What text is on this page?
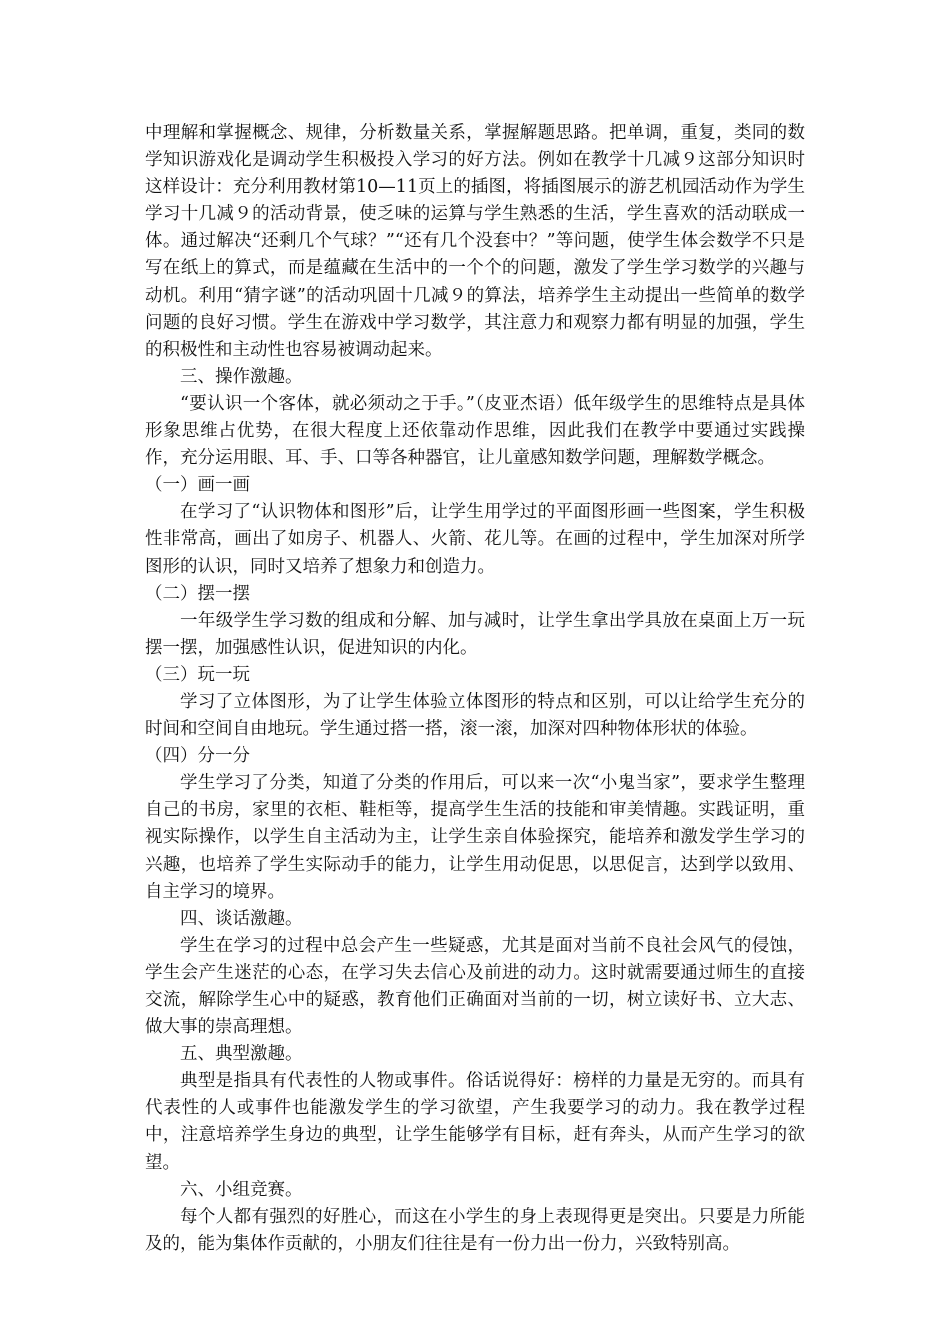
中理解和掌握概念、规律，分析数量关系，掌握解题思路。把单调，重复，类同的数学知识游戏化是调动学生积极投入学习的好方法。例如在教学十几减９这部分知识时这样设计：充分利用教材第10—11页上的插图，将插图展示的游艺机园活动作为学生学习十几减９的活动背景，使乏味的运算与学生熟悉的生活，学生喜欢的活动联成一体。通过解决“还剩几个气球？”“还有几个没套中？”等问题，使学生体会数学不只是写在纸上的算式，而是蕴藏在生活中的一个个的问题，激发了学生学习数学的兴趣与动机。利用“猜字谜”的活动巩固十几减９的算法，培养学生主动提出一些简单的数学问题的良好习惯。学生在游戏中学习数学，其注意力和观察力都有明显的加强，学生的积极性和主动性也容易被调动起来。

三、操作激趣。

“要认识一个客体，就必须动之于手。”（皮亚杰语）低年级学生的思维特点是具体形象思维占优势，在很大程度上还依靠动作思维，因此我们在教学中要通过实践操作，充分运用眼、耳、手、口等各种器官，让儿童感知数学问题，理解数学概念。

（一）画一画

在学习了“认识物体和图形”后，让学生用学过的平面图形画一些图案，学生积极性非常高，画出了如房子、机器人、火箭、花儿等。在画的过程中，学生加深对所学图形的认识，同时又培养了想象力和创造力。

（二）摆一摆

一年级学生学习数的组成和分解、加与减时，让学生拿出学具放在桌面上万一玩摆一摆，加强感性认识，促进知识的内化。

（三）玩一玩

学习了立体图形，为了让学生体验立体图形的特点和区别，可以让给学生充分的时间和空间自由地玩。学生通过搭一搭，滚一滚，加深对四种物体形状的体验。

（四）分一分

学生学习了分类，知道了分类的作用后，可以来一次“小鬼当家”，要求学生整理自己的书房，家里的衣柜、鞋柜等，提高学生生活的技能和审美情趣。实践证明，重视实际操作，以学生自主活动为主，让学生亲自体验探究，能培养和激发学生学习的兴趣，也培养了学生实际动手的能力，让学生用动促思，以思促言，达到学以致用、自主学习的境界。

四、谈话激趣。

学生在学习的过程中总会产生一些疑惑，尤其是面对当前不良社会风气的侵蚀，学生会产生迷茫的心态，在学习失去信心及前进的动力。这时就需要通过师生的直接交流，解除学生心中的疑惑，教育他们正确面对当前的一切，树立读好书、立大志、做大事的崇高理想。

五、典型激趣。

典型是指具有代表性的人物或事件。俗话说得好：榜样的力量是无穷的。而具有代表性的人或事件也能激发学生的学习欲望，产生我要学习的动力。我在教学过程中，注意培养学生身边的典型，让学生能够学有目标，赶有奔头，从而产生学习的欲望。

六、小组竞赛。

每个人都有强烈的好胜心，而这在小学生的身上表现得更是突出。只要是力所能及的，能为集体作贡献的，小朋友们往往是有一份力出一份力，兴致特别高。
